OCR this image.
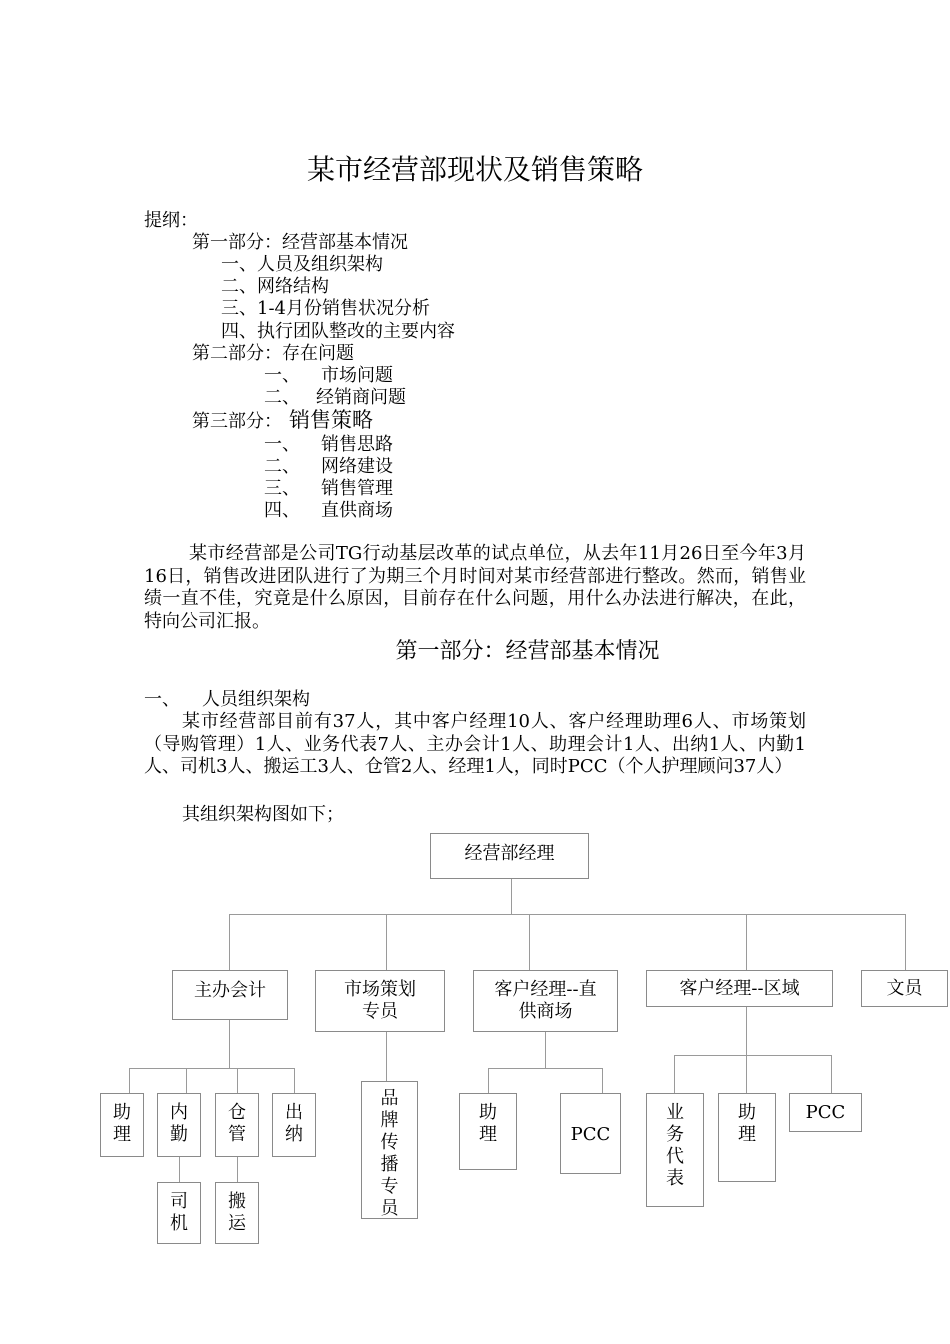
某市经营部现状及销售策略
提纲：
第一部分：经营部基本情况
一、人员及组织架构
二、网络结构
三、1-4月份销售状况分析
四、执行团队整改的主要内容
第二部分：存在问题
一、 市场问题
二、 经销商问题
第三部分： 销售策略
一、 销售思路
二、 网络建设
三、 销售管理
四、 直供商场

某市经营部是公司TG行动基层改革的试点单位，从去年11月26日至今年3月16日，销售改进团队进行了为期三个月时间对某市经营部进行整改。然而，销售业绩一直不佳，究竟是什么原因，目前存在什么问题，用什么办法进行解决，在此，特向公司汇报。

第一部分：经营部基本情况
一、 人员组织架构

某市经营部目前有37人，其中客户经理10人、客户经理助理6人、市场策划（导购管理）1人、业务代表7人、主办会计1人、助理会计1人、出纳1人、内勤1人、司机3人、搬运工3人、仓管2人、经理1人，同时PCC（个人护理顾问37人）

其组织架构图如下；
经营部经理
主办会计	市场策划专员
客户经理--直供商场
客户经理--区域	文员
助理
内勤
仓管
出纳
司机
搬运
品牌传播专员
助理	PCC
业务代表
助理
PCC
